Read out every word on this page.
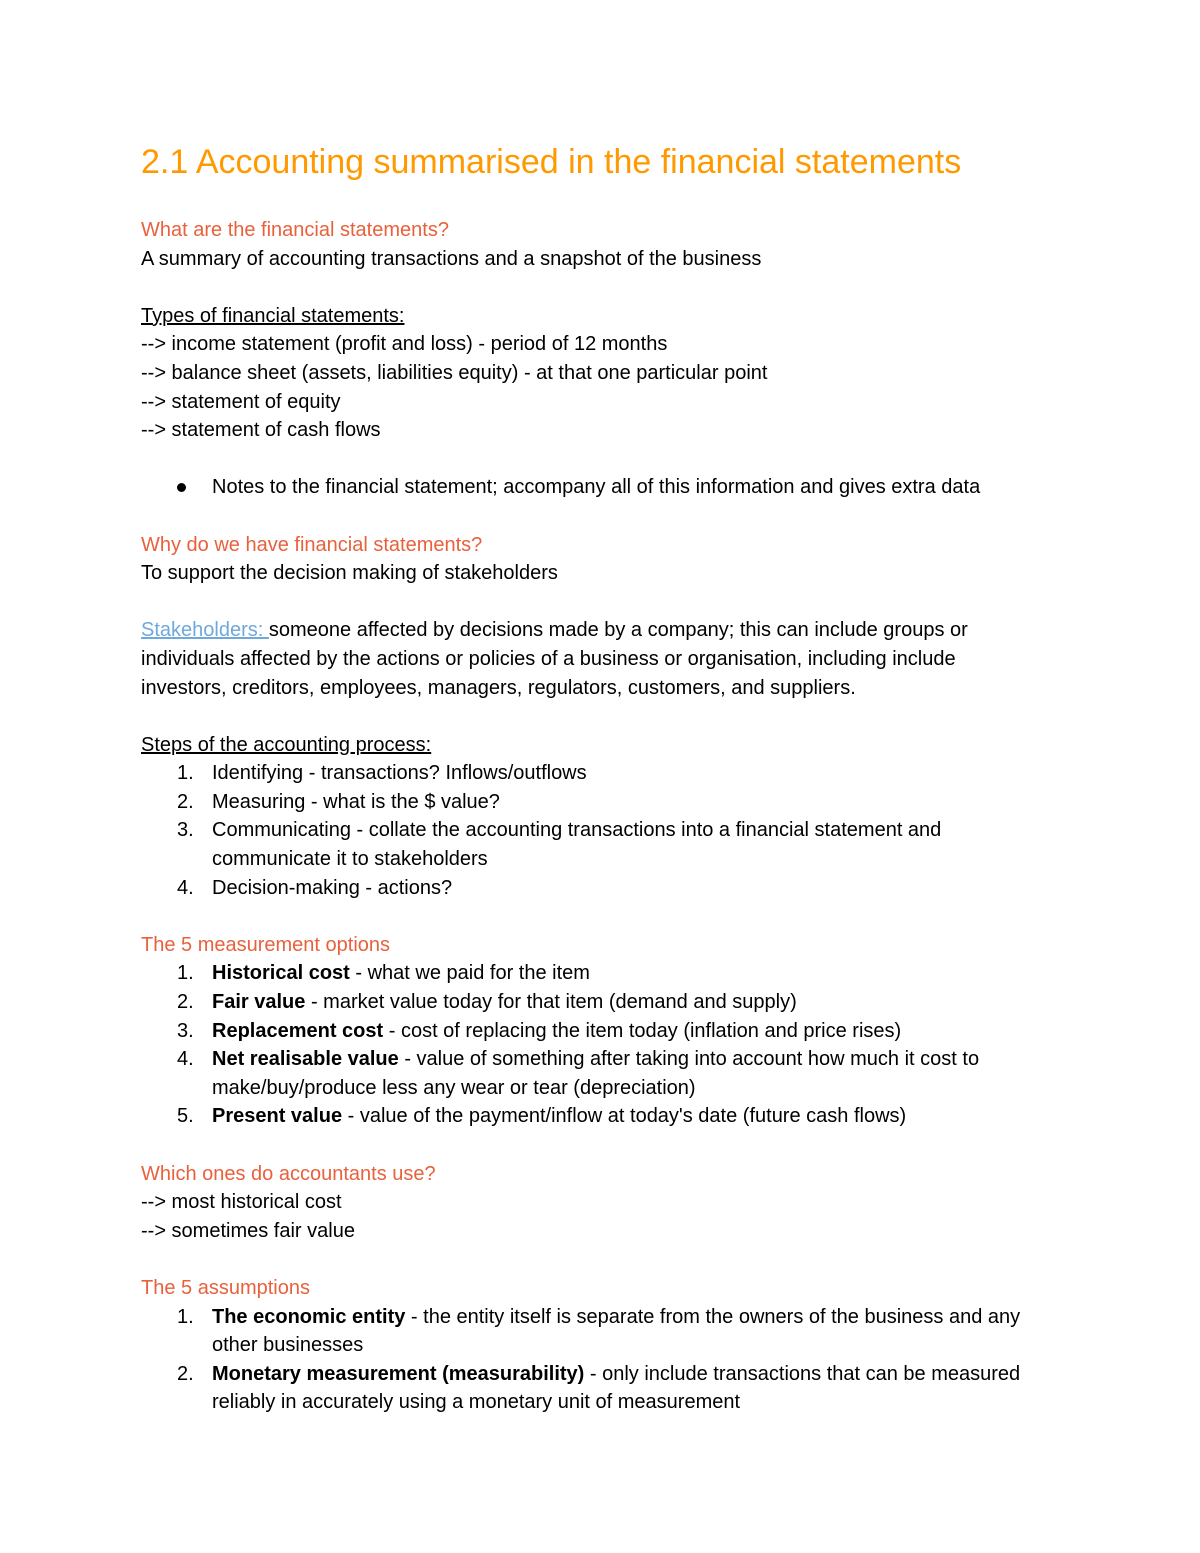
2.1 Accounting summarised in the financial statements

What are the financial statements?

A summary of accounting transactions and a snapshot of the business

Types of financial statements:

--> income statement (profit and loss) - period of 12 months

--> balance sheet (assets, liabilities equity) - at that one particular point

--> statement of equity

--> statement of cash flows

Notes to the financial statement; accompany all of this information and gives extra data

Why do we have financial statements?

To support the decision making of stakeholders

Stakeholders: someone affected by decisions made by a company; this can include groups or individuals affected by the actions or policies of a business or organisation, including include investors, creditors, employees, managers, regulators, customers, and suppliers.

Steps of the accounting process:

1. Identifying - transactions? Inflows/outflows
2. Measuring - what is the $ value?
3. Communicating - collate the accounting transactions into a financial statement and communicate it to stakeholders
4. Decision-making - actions?

The 5 measurement options

1. Historical cost - what we paid for the item
2. Fair value - market value today for that item (demand and supply)
3. Replacement cost - cost of replacing the item today (inflation and price rises)
4. Net realisable value - value of something after taking into account how much it cost to make/buy/produce less any wear or tear (depreciation)
5. Present value - value of the payment/inflow at today's date (future cash flows)

Which ones do accountants use?

--> most historical cost

--> sometimes fair value

The 5 assumptions

1. The economic entity - the entity itself is separate from the owners of the business and any other businesses
2. Monetary measurement (measurability) - only include transactions that can be measured reliably in accurately using a monetary unit of measurement
